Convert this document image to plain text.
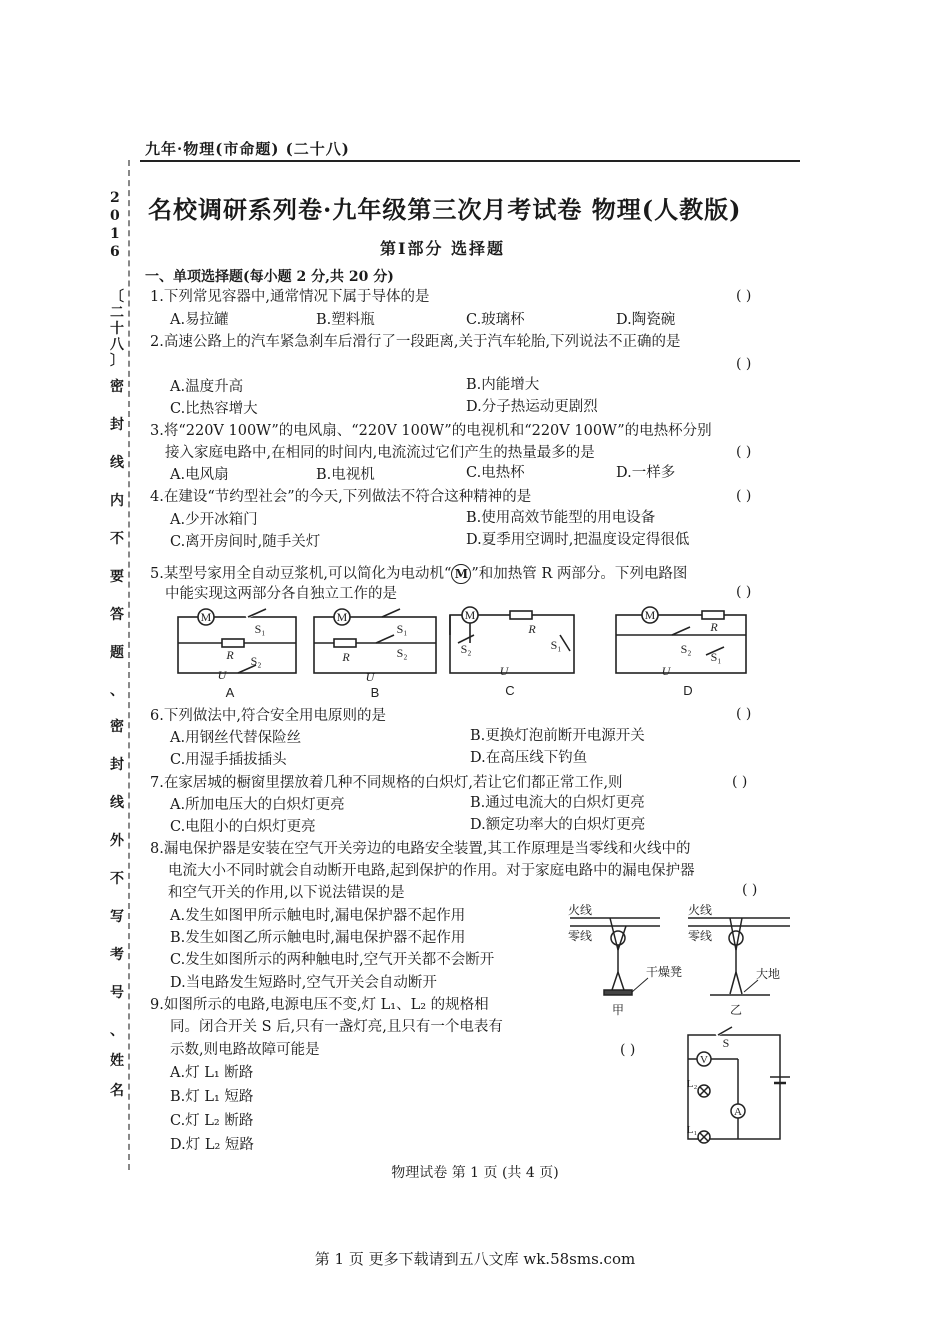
2
0
1
6
〔
二
十
八
〕
密
封
线
内
不
要
答
题
、
密
封
线
外
不
写
考
号
、
姓
名
九年·物理(市命题) (二十八)
名校调研系列卷·九年级第三次月考试卷 物理(人教版)
第Ⅰ部分 选择题
一、单项选择题(每小题 2 分,共 20 分)
1.下列常见容器中,通常情况下属于导体的是	( )
A.易拉罐	B.塑料瓶	C.玻璃杯	D.陶瓷碗
2.高速公路上的汽车紧急刹车后滑行了一段距离,关于汽车轮胎,下列说法不正确的是
( )
A.温度升高	B.内能增大
C.比热容增大	D.分子热运动更剧烈
3.将“220V 100W”的电风扇、“220V 100W”的电视机和“220V 100W”的电热杯分别
接入家庭电路中,在相同的时间内,电流流过它们产生的热量最多的是	( )
A.电风扇	B.电视机	C.电热杯	D.一样多
4.在建设“节约型社会”的今天,下列做法不符合这种精神的是	( )
A.少开冰箱门	B.使用高效节能型的用电设备
C.离开房间时,随手关灯	D.夏季用空调时,把温度设定得很低
5.某型号家用全自动豆浆机,可以简化为电动机“ M ”和加热管 R 两部分。下列电路图
中能实现这两部分各自独立工作的是	( )
M
S₁
R S₂
U
M
S₁
R	S₂
U
M
R
S₂	S₁
U
M
R
S₂
S₁
U
A	B	C	D
6.下列做法中,符合安全用电原则的是	( )
A.用钢丝代替保险丝	B.更换灯泡前断开电源开关
C.用湿手插拔插头	D.在高压线下钓鱼
7.在家居城的橱窗里摆放着几种不同规格的白炽灯,若让它们都正常工作,则	( )
A.所加电压大的白炽灯更亮	B.通过电流大的白炽灯更亮
C.电阻小的白炽灯更亮	D.额定功率大的白炽灯更亮
8.漏电保护器是安装在空气开关旁边的电路安全装置,其工作原理是当零线和火线中的
电流大小不同时就会自动断开电路,起到保护的作用。对于家庭电路中的漏电保护器
和空气开关的作用,以下说法错误的是	( )
A.发生如图甲所示触电时,漏电保护器不起作用
B.发生如图乙所示触电时,漏电保护器不起作用
C.发生如图所示的两种触电时,空气开关都不会断开
D.当电路发生短路时,空气开关会自动断开
火线
零线
火线
零线
干燥凳	大地
甲	乙
9.如图所示的电路,电源电压不变,灯 L₁、L₂ 的规格相
同。闭合开关 S 后,只有一盏灯亮,且只有一个电表有
示数,则电路故障可能是	( )
A.灯 L₁ 断路
B.灯 L₁ 短路
C.灯 L₂ 断路
D.灯 L₂ 短路
S
V
A
L₂
L₁
物理试卷 第 1 页 (共 4 页)
第 1 页 更多下载请到五八文库 wk.58sms.com
